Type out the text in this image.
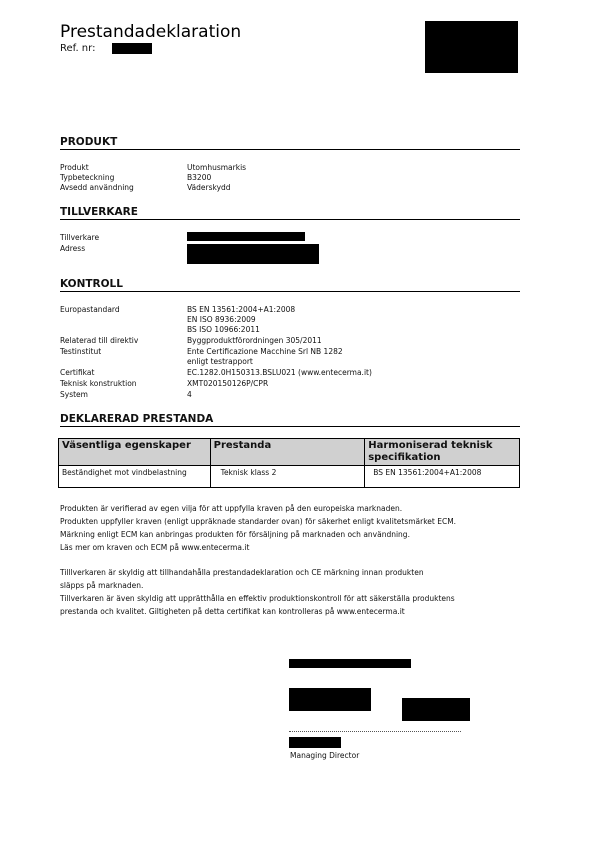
Prestandadeklaration
Ref. nr:
PRODUKT
Produkt	Utomhusmarkis
Typbeteckning	B3200
Avsedd användning	Väderskydd
TILLVERKARE
Tillverkare
Adress
KONTROLL
Europastandard	BS EN 13561:2004+A1:2008
EN ISO 8936:2009
BS ISO 10966:2011
Relaterad till direktiv	Byggproduktförordningen 305/2011
Testinstitut	Ente Certificazione Macchine Srl NB 1282
enligt testrapport
Certifikat	EC.1282.0H150313.BSLU021 (www.entecerma.it)
Teknisk konstruktion	XMT020150126P/CPR
System	4
DEKLARERAD PRESTANDA
Väsentliga egenskaper	Prestanda	Harmoniserad teknisk specifikation
Beständighet mot vindbelastning	Teknisk klass 2	BS EN 13561:2004+A1:2008
Produkten är verifierad av egen vilja för att uppfylla kraven på den europeiska marknaden.
Produkten uppfyller kraven (enligt uppräknade standarder ovan) för säkerhet enligt kvalitetsmärket ECM.
Märkning enligt ECM kan anbringas produkten för försäljning på marknaden och användning.
Läs mer om kraven och ECM på www.entecerma.it
Tilllverkaren är skyldig att tillhandahålla prestandadeklaration och CE märkning innan produkten
släpps på marknaden.
Tillverkaren är även skyldig att upprätthålla en effektiv produktionskontroll för att säkerställa produktens
prestanda och kvalitet. Giltigheten på detta certifikat kan kontrolleras på www.entecerma.it
Managing Director
